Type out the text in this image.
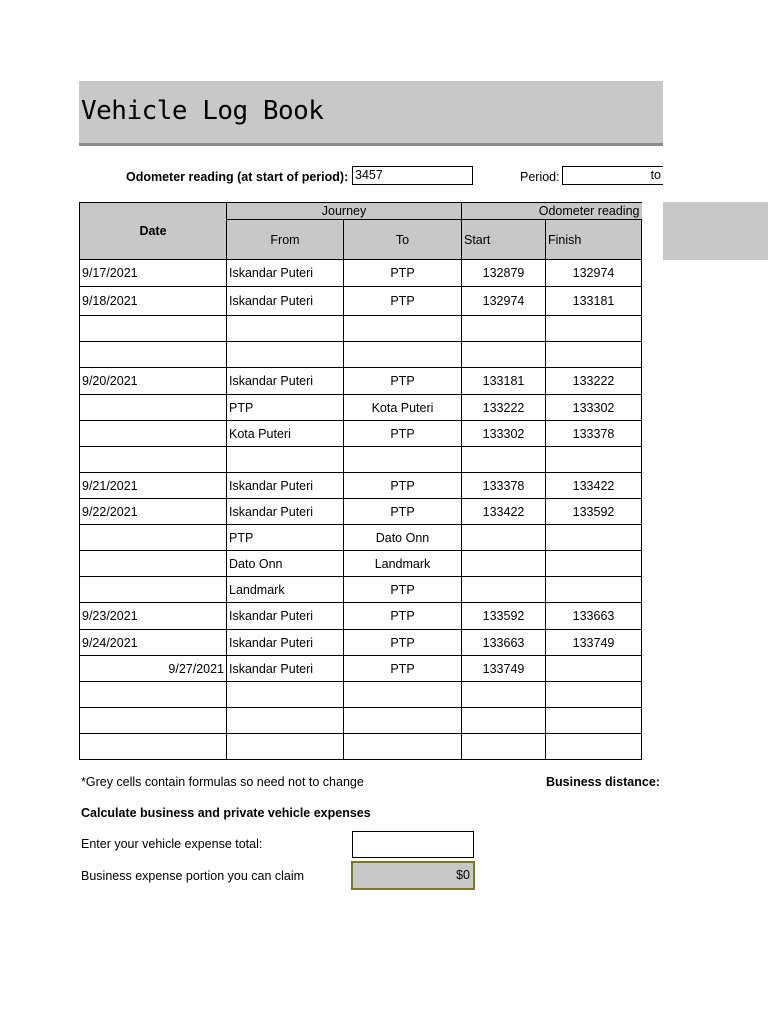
Vehicle Log Book
Odometer reading (at start of period): 3457	Period:	to
Date	Journey		Odometer reading	
	From	To	Start	Finish
9/17/2021	Iskandar Puteri	PTP	132879	132974
9/18/2021	Iskandar Puteri	PTP	132974	133181

9/20/2021	Iskandar Puteri	PTP	133181	133222
	PTP	Kota Puteri	133222	133302
	Kota Puteri	PTP	133302	133378

9/21/2021	Iskandar Puteri	PTP	133378	133422
9/22/2021	Iskandar Puteri	PTP	133422	133592
	PTP	Dato Onn		
	Dato Onn	Landmark		
	Landmark	PTP		
9/23/2021	Iskandar Puteri	PTP	133592	133663
9/24/2021	Iskandar Puteri	PTP	133663	133749
9/27/2021	Iskandar Puteri	PTP	133749	

*Grey cells contain formulas so need not to change	Business distance:
Calculate business and private vehicle expenses
Enter your vehicle expense total:
Business expense portion you can claim	$0
